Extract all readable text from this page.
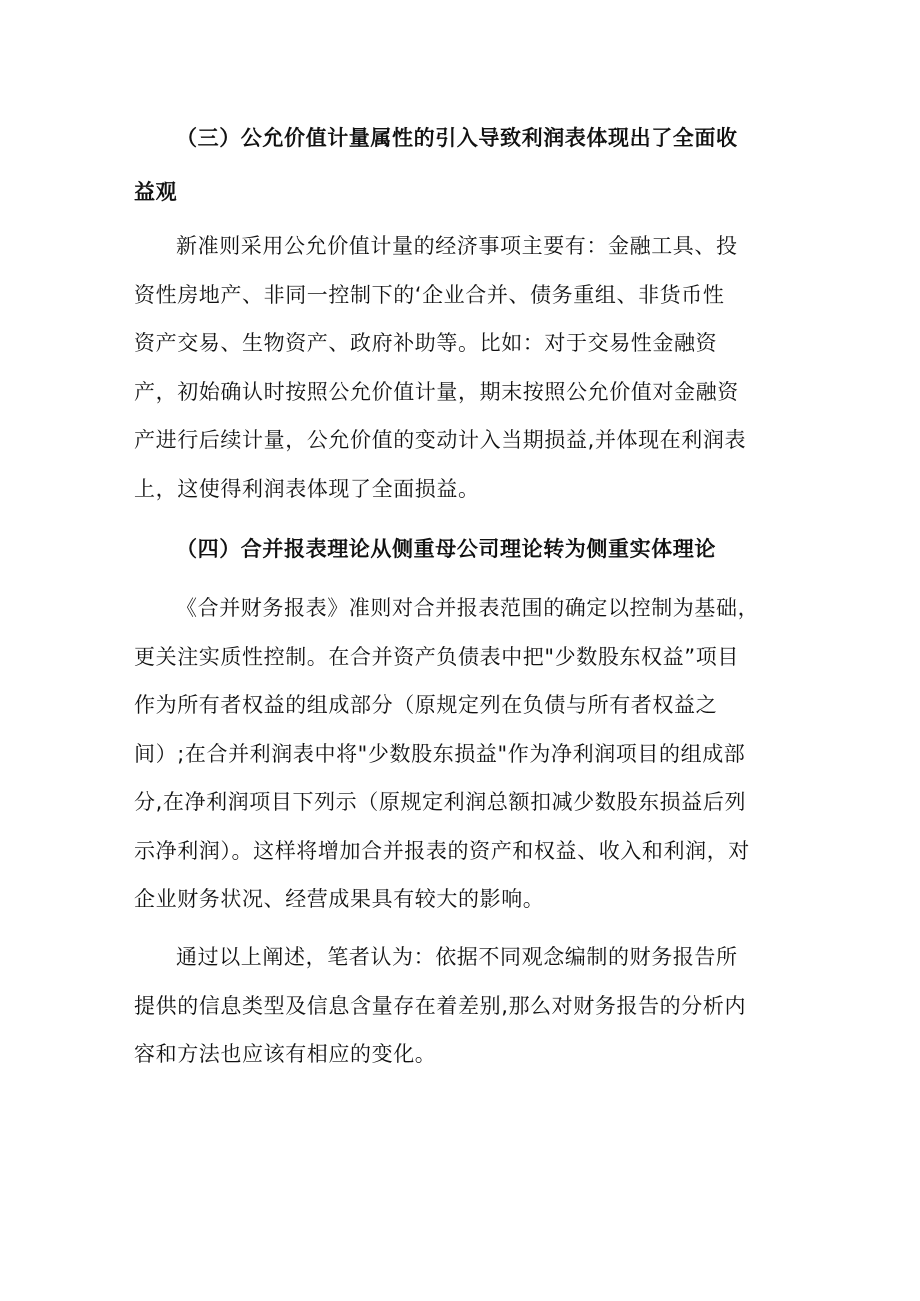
（三）公允价值计量属性的引入导致利润表体现出了全面收
益观
新准则采用公允价值计量的经济事项主要有：金融工具、投
资性房地产、非同一控制下的‘企业合并、债务重组、非货币性
资产交易、生物资产、政府补助等。比如：对于交易性金融资
产，初始确认时按照公允价值计量，期末按照公允价值对金融资
产进行后续计量，公允价值的变动计入当期损益,并体现在利润表
上，这使得利润表体现了全面损益。
（四）合并报表理论从侧重母公司理论转为侧重实体理论
《合并财务报表》准则对合并报表范围的确定以控制为基础，
更关注实质性控制。在合并资产负债表中把"少数股东权益”项目
作为所有者权益的组成部分（原规定列在负债与所有者权益之
间）;在合并利润表中将"少数股东损益"作为净利润项目的组成部
分,在净利润项目下列示（原规定利润总额扣减少数股东损益后列
示净利润）。这样将增加合并报表的资产和权益、收入和利润，对
企业财务状况、经营成果具有较大的影响。
通过以上阐述，笔者认为：依据不同观念编制的财务报告所
提供的信息类型及信息含量存在着差别,那么对财务报告的分析内
容和方法也应该有相应的变化。
